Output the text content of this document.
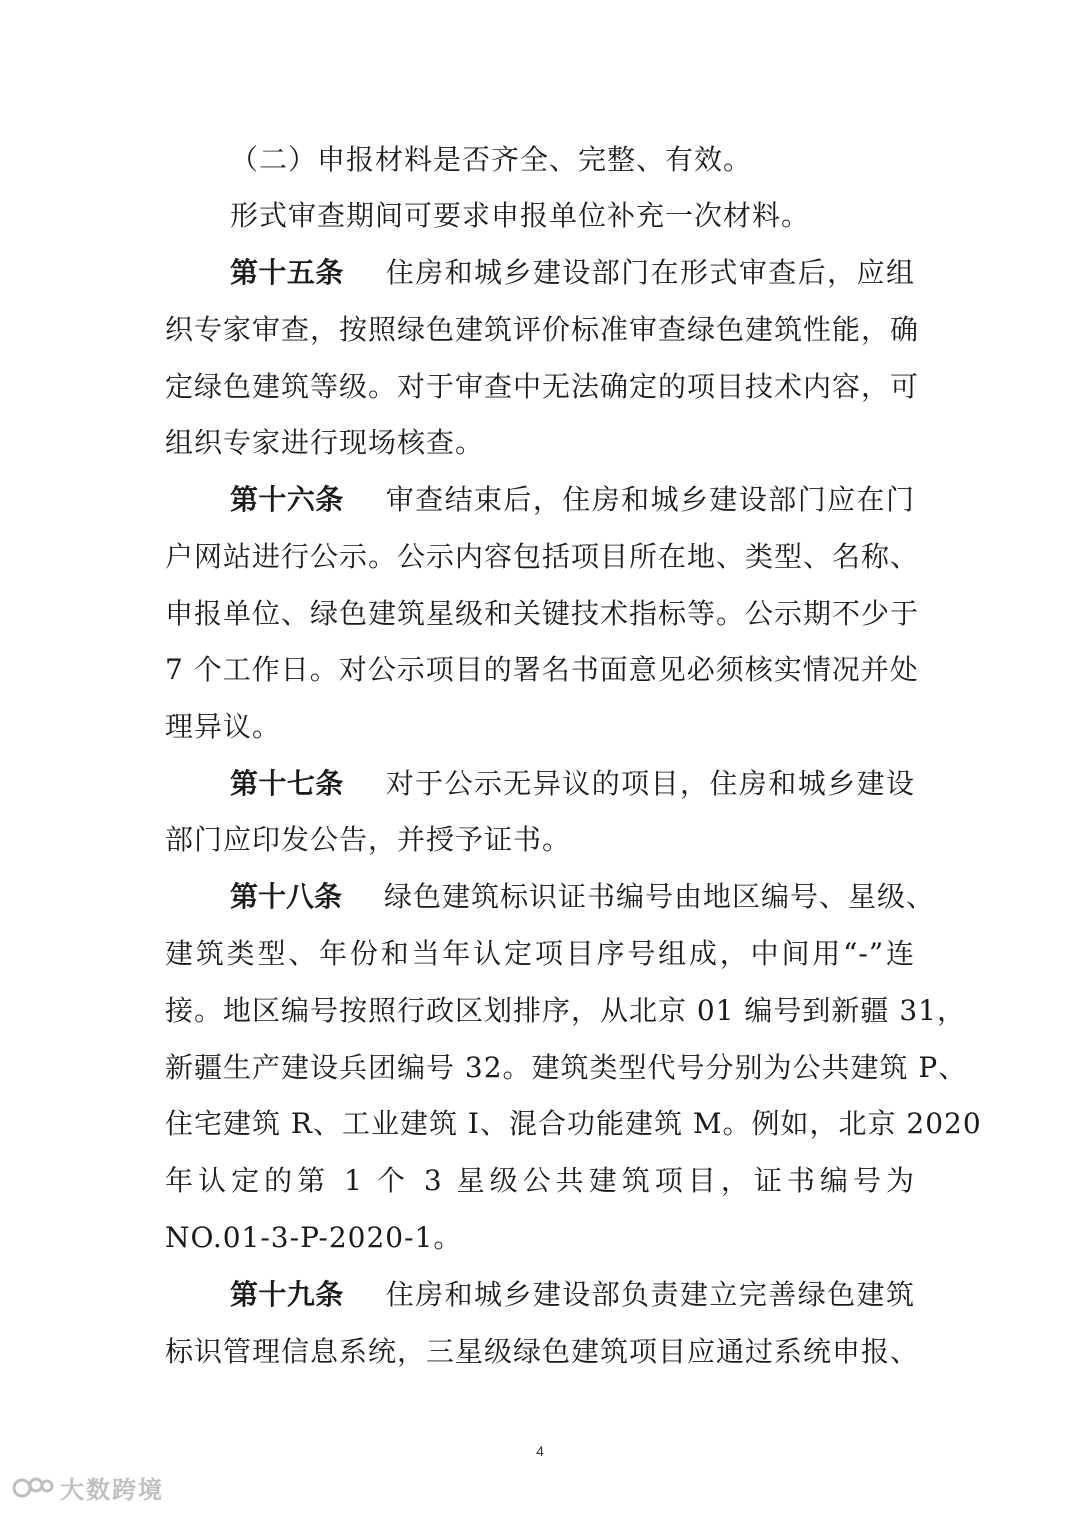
（二）申报材料是否齐全、完整、有效。
形式审查期间可要求申报单位补充一次材料。
第十五条 住房和城乡建设部门在形式审查后，应组
织专家审查，按照绿色建筑评价标准审查绿色建筑性能，确
定绿色建筑等级。对于审查中无法确定的项目技术内容，可
组织专家进行现场核查。
第十六条 审查结束后，住房和城乡建设部门应在门
户网站进行公示。公示内容包括项目所在地、类型、名称、
申报单位、绿色建筑星级和关键技术指标等。公示期不少于
7 个工作日。对公示项目的署名书面意见必须核实情况并处
理异议。
第十七条 对于公示无异议的项目，住房和城乡建设
部门应印发公告，并授予证书。
第十八条 绿色建筑标识证书编号由地区编号、星级、
建筑类型、年份和当年认定项目序号组成，中间用“-”连
接。地区编号按照行政区划排序，从北京 01 编号到新疆 31，
新疆生产建设兵团编号 32。建筑类型代号分别为公共建筑 P、
住宅建筑 R、工业建筑 I、混合功能建筑 M。例如，北京 2020
年认定的第 1 个 3 星级公共建筑项目，证书编号为
NO.01-3-P-2020-1。
第十九条 住房和城乡建设部负责建立完善绿色建筑
标识管理信息系统，三星级绿色建筑项目应通过系统申报、
4
大数跨境
